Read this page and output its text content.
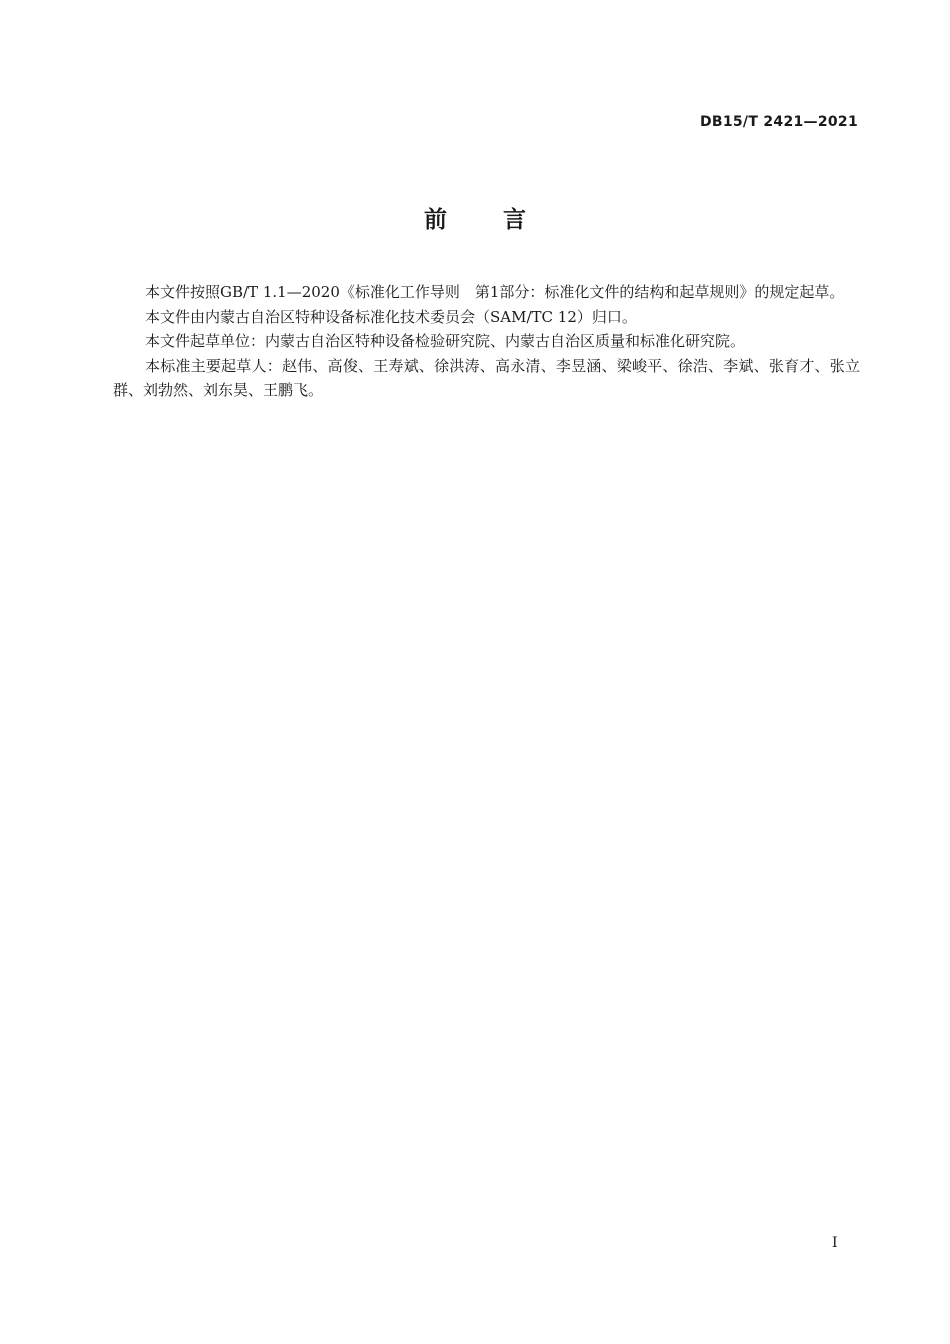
DB15/T 2421—2021
前 言

本文件按照GB/T 1.1—2020《标准化工作导则　第1部分：标准化文件的结构和起草规则》的规定起草。

本文件由内蒙古自治区特种设备标准化技术委员会（SAM/TC 12）归口。

本文件起草单位：内蒙古自治区特种设备检验研究院、内蒙古自治区质量和标准化研究院。

本标准主要起草人：赵伟、高俊、王寿斌、徐洪涛、高永清、李昱涵、梁峻平、徐浩、李斌、张育才、张立群、刘勃然、刘东昊、王鹏飞。

I
